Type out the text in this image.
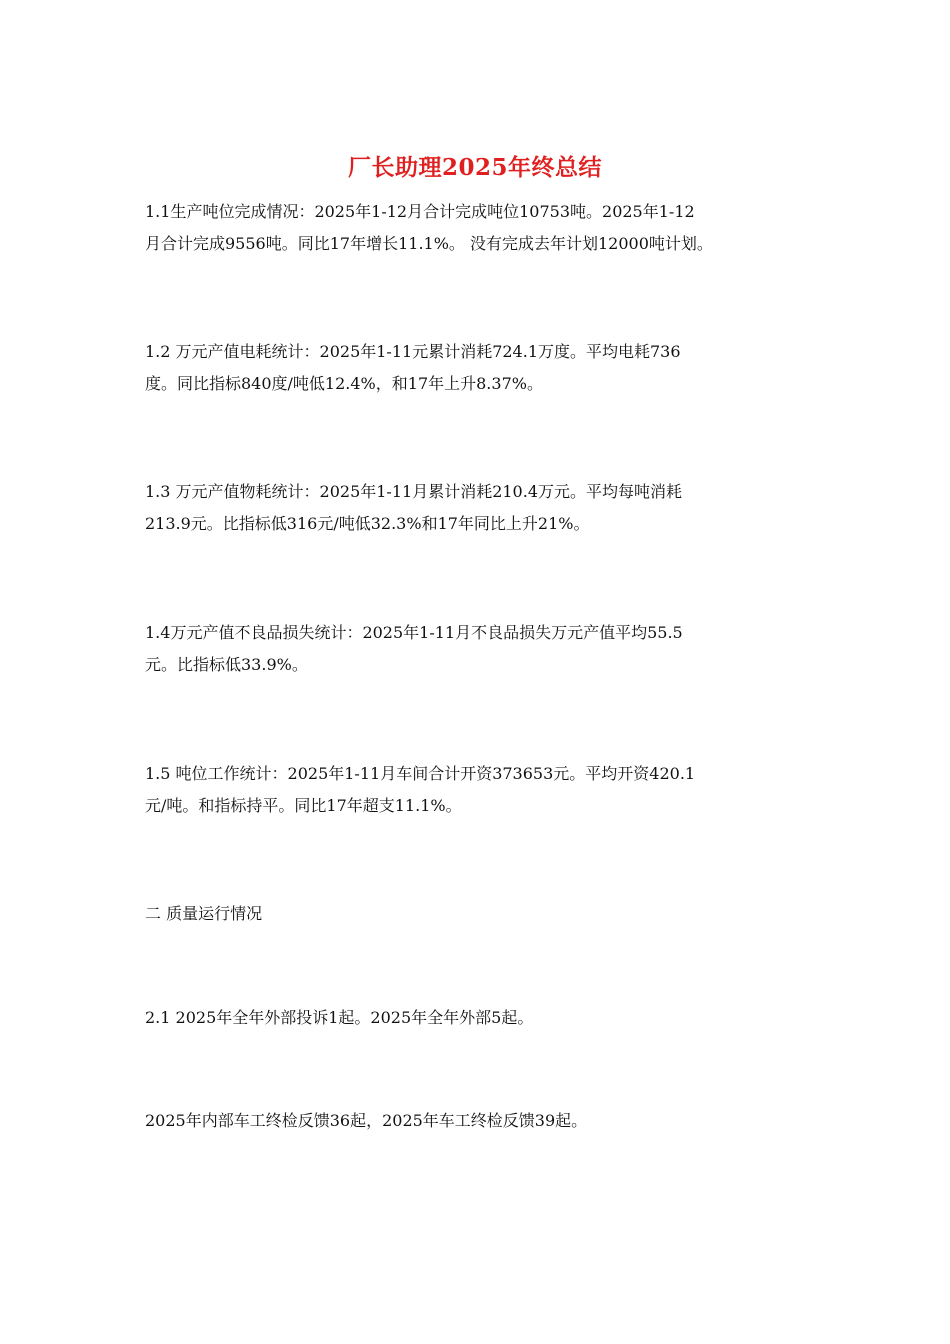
厂长助理2025年终总结
1.1生产吨位完成情况：2025年1-12月合计完成吨位10753吨。2025年1-12
月合计完成9556吨。同比17年增长11.1%。 没有完成去年计划12000吨计划。
1.2 万元产值电耗统计：2025年1-11元累计消耗724.1万度。平均电耗736
度。同比指标840度/吨低12.4%，和17年上升8.37%。
1.3 万元产值物耗统计：2025年1-11月累计消耗210.4万元。平均每吨消耗
213.9元。比指标低316元/吨低32.3%和17年同比上升21%。
1.4万元产值不良品损失统计：2025年1-11月不良品损失万元产值平均55.5
元。比指标低33.9%。
1.5 吨位工作统计：2025年1-11月车间合计开资373653元。平均开资420.1
元/吨。和指标持平。同比17年超支11.1%。
二 质量运行情况
2.1 2025年全年外部投诉1起。2025年全年外部5起。
2025年内部车工终检反馈36起，2025年车工终检反馈39起。
